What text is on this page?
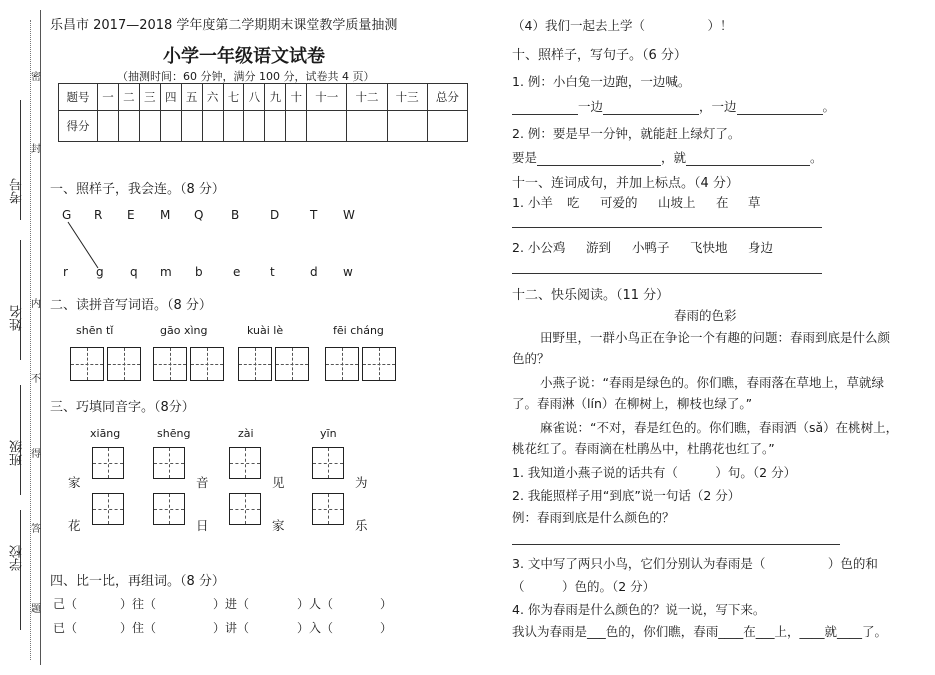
密
封
内
不
得
答
题
考号
姓名
班级
学校
乐昌市 2017—2018 学年度第二学期期末课堂教学质量抽测
小学一年级语文试卷
（抽测时间：60 分钟，满分 100 分，试卷共 4 页）
题号	一	二	三	四	五	六	七	八	九	十	十一	十二	十三	总分
得分														
一、照样子，我会连。（8 分）
G R E M Q B	D	T W
r g q m b	e t	d w
二、读拼音写词语。（8 分）
shēn tǐ	gāo xìng	kuài lè	fēi cháng
三、巧填同音字。（8分）
xiāng	shēng	zài	yīn
家	音	见	为
花	日	家	乐
四、比一比，再组词。（8 分）
己（	）往（	）进（	）人（	）
已（	）住（	）讲（	）入（	）
（4）我们一起去上学（　　　　　）！
十、照样子，写句子。（6 分）
1. 例：小白兔一边跑，一边喊。
一边	，一边	。
2. 例：要是早一分钟，就能赶上绿灯了。
要是	，就	。
十一、连词成句，并加上标点。（4 分）
1. 小羊 吃 可爱的 山坡上 在 草
2. 小公鸡 游到 小鸭子 飞快地 身边
十二、快乐阅读。（11 分）
春雨的色彩
田野里，一群小鸟正在争论一个有趣的问题：春雨到底是什么颜
色的？
小燕子说：“春雨是绿色的。你们瞧，春雨落在草地上，草就绿
了。春雨淋（lín）在柳树上，柳枝也绿了。”
麻雀说：“不对，春是红色的。你们瞧，春雨洒（sǎ）在桃树上，
桃花红了。春雨滴在杜鹃丛中，杜鹃花也红了。”
1. 我知道小燕子说的话共有（　　　）句。（2 分）
2. 我能照样子用“到底”说一句话（2 分）
例：春雨到底是什么颜色的？
3. 文中写了两只小鸟，它们分别认为春雨是（　　　　　）色的和
（　　　）色的。（2 分）
4. 你为春雨是什么颜色的？说一说，写下来。
我认为春雨是___色的，你们瞧，春雨____在___上，____就____了。
